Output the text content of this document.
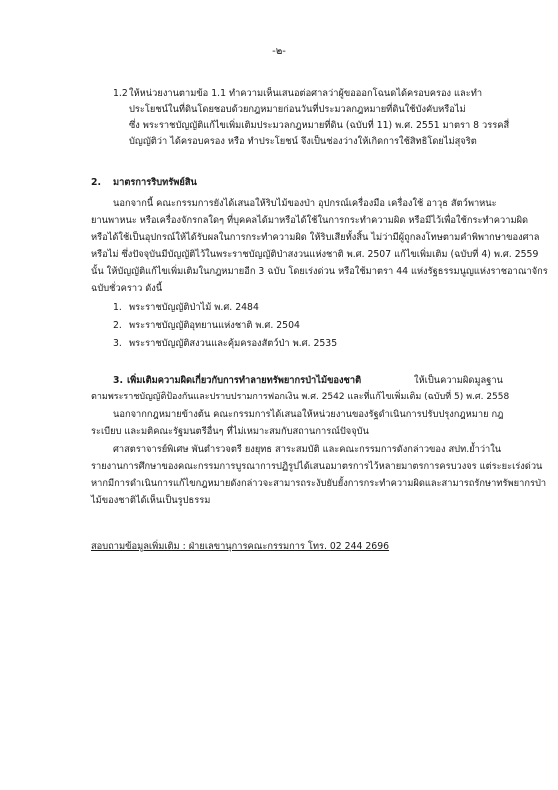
-๒-
1.2 ให้หน่วยงานตามข้อ 1.1 ทำความเห็นเสนอต่อศาลว่าผู้ขอออกโฉนดได้ครอบครอง และทำ
ประโยชน์ในที่ดินโดยชอบด้วยกฎหมายก่อนวันที่ประมวลกฎหมายที่ดินใช้บังคับหรือไม่
ซึ่ง พระราชบัญญัติแก้ไขเพิ่มเติมประมวลกฎหมายที่ดิน (ฉบับที่ 11) พ.ศ. 2551 มาตรา 8 วรรคสี่
บัญญัติว่า ได้ครอบครอง หรือ ทำประโยชน์ จึงเป็นช่องว่างให้เกิดการใช้สิทธิโดยไม่สุจริต
2. มาตรการริบทรัพย์สิน
นอกจากนี้ คณะกรรมการยังได้เสนอให้ริบไม้ของป่า อุปกรณ์เครื่องมือ เครื่องใช้ อาวุธ สัตว์พาหนะ
ยานพาหนะ หรือเครื่องจักรกลใดๆ ที่บุคคลได้มาหรือได้ใช้ในการกระทำความผิด หรือมีไว้เพื่อใช้กระทำความผิด
หรือได้ใช้เป็นอุปกรณ์ให้ได้รับผลในการกระทำความผิด ให้ริบเสียทั้งสิ้น ไม่ว่ามีผู้ถูกลงโทษตามคำพิพากษาของศาล
หรือไม่ ซึ่งปัจจุบันมีบัญญัติไว้ในพระราชบัญญัติป่าสงวนแห่งชาติ พ.ศ. 2507 แก้ไขเพิ่มเติม (ฉบับที่ 4) พ.ศ. 2559
นั้น ให้บัญญัติแก้ไขเพิ่มเติมในกฎหมายอีก 3 ฉบับ โดยเร่งด่วน หรือใช้มาตรา 44 แห่งรัฐธรรมนูญแห่งราชอาณาจักร
ฉบับชั่วคราว ดังนี้
1. พระราชบัญญัติป่าไม้ พ.ศ. 2484
2. พระราชบัญญัติอุทยานแห่งชาติ พ.ศ. 2504
3. พระราชบัญญัติสงวนและคุ้มครองสัตว์ป่า พ.ศ. 2535
3. เพิ่มเติมความผิดเกี่ยวกับการทำลายทรัพยากรป่าไม้ของชาติ	ให้เป็นความผิดมูลฐาน
ตามพระราชบัญญัติป้องกันและปราบปรามการฟอกเงิน พ.ศ. 2542 และที่แก้ไขเพิ่มเติม (ฉบับที่ 5) พ.ศ. 2558
นอกจากกฎหมายข้างต้น คณะกรรมการได้เสนอให้หน่วยงานของรัฐดำเนินการปรับปรุงกฎหมาย กฎ
ระเบียบ และมติคณะรัฐมนตรีอื่นๆ ที่ไม่เหมาะสมกับสถานการณ์ปัจจุบัน
ศาสตราจารย์พิเศษ พันตำรวจตรี ยงยุทธ สาระสมบัติ และคณะกรรมการดังกล่าวของ สปท.ย้ำว่าใน
รายงานการศึกษาของคณะกรรมการบูรณาการปฏิรูปได้เสนอมาตรการไว้หลายมาตรการครบวงจร แต่ระยะเร่งด่วน
หากมีการดำเนินการแก้ไขกฎหมายดังกล่าวจะสามารถระงับยับยั้งการกระทำความผิดและสามารถรักษาทรัพยากรป่า
ไม้ของชาติได้เห็นเป็นรูปธรรม
สอบถามข้อมูลเพิ่มเติม : ฝ่ายเลขานุการคณะกรรมการ โทร. 02 244 2696
